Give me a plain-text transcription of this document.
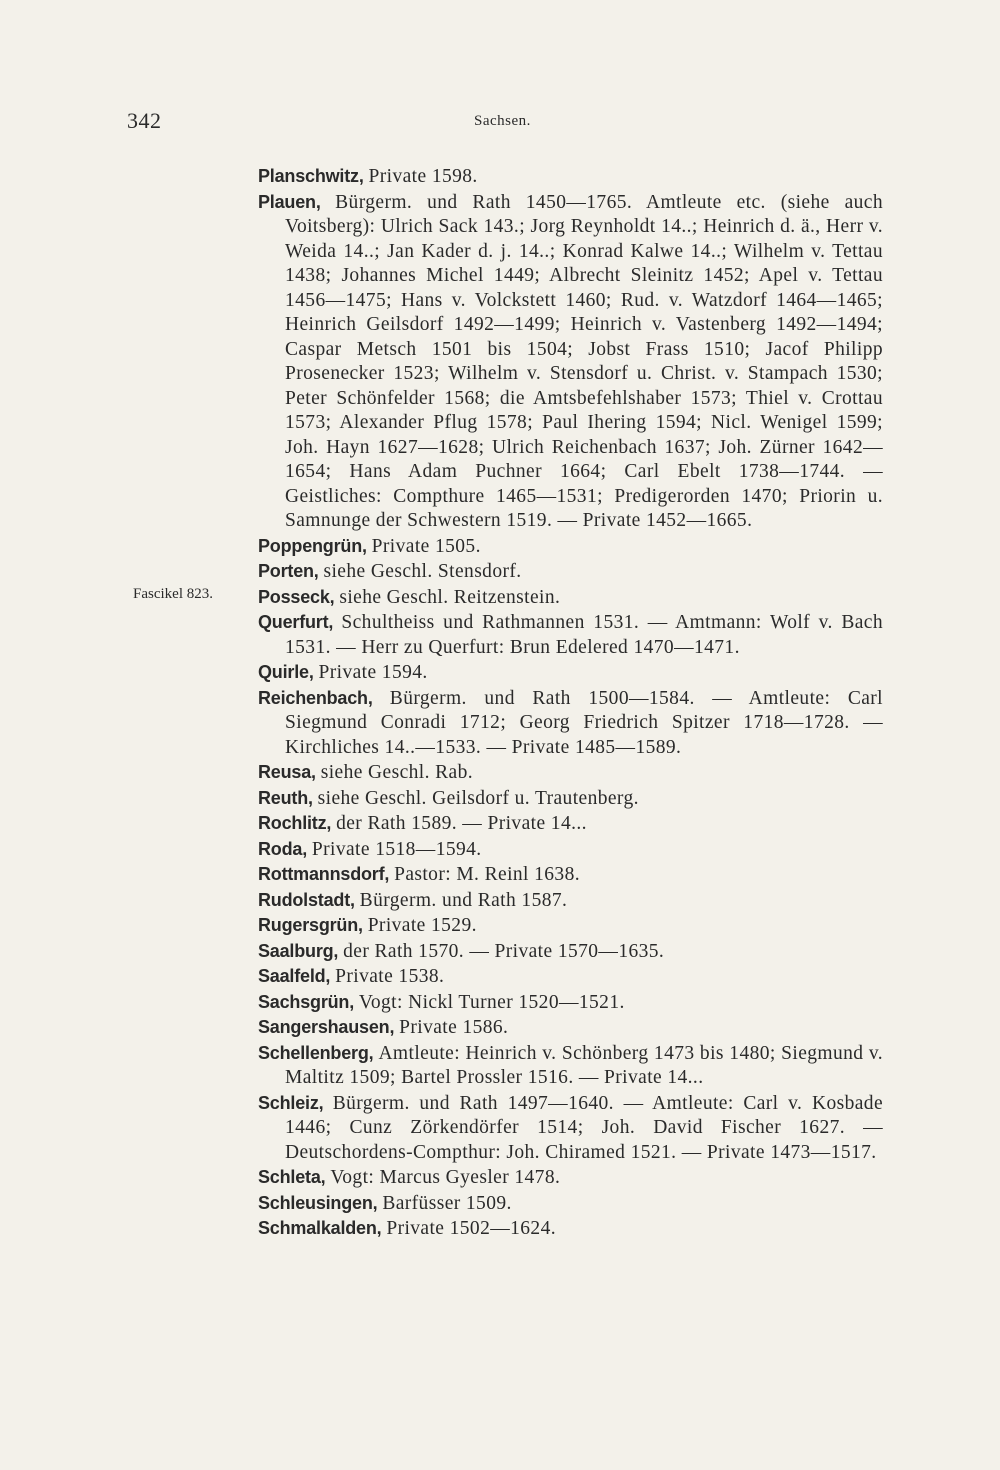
342	Sachsen.
Fascikel 823.
Planschwitz, Private 1598.
Plauen, Bürgerm. und Rath 1450—1765. Amtleute etc. (siehe auch Voitsberg): Ulrich Sack 143.; Jorg Reynholdt 14..; Heinrich d. ä., Herr v. Weida 14..; Jan Kader d. j. 14..; Konrad Kalwe 14..; Wilhelm v. Tettau 1438; Johannes Michel 1449; Albrecht Sleinitz 1452; Apel v. Tettau 1456—1475; Hans v. Volckstett 1460; Rud. v. Watzdorf 1464—1465; Heinrich Geilsdorf 1492—1499; Heinrich v. Vastenberg 1492—1494; Caspar Metsch 1501 bis 1504; Jobst Frass 1510; Jacof Philipp Prosenecker 1523; Wilhelm v. Stensdorf u. Christ. v. Stampach 1530; Peter Schönfelder 1568; die Amtsbefehlshaber 1573; Thiel v. Crottau 1573; Alexander Pflug 1578; Paul Ihering 1594; Nicl. Wenigel 1599; Joh. Hayn 1627—1628; Ulrich Reichenbach 1637; Joh. Zürner 1642—1654; Hans Adam Puchner 1664; Carl Ebelt 1738—1744. — Geistliches: Compthure 1465—1531; Predigerorden 1470; Priorin u. Samnunge der Schwestern 1519. — Private 1452—1665.
Poppengrün, Private 1505.
Porten, siehe Geschl. Stensdorf.
Posseck, siehe Geschl. Reitzenstein.
Querfurt, Schultheiss und Rathmannen 1531. — Amtmann: Wolf v. Bach 1531. — Herr zu Querfurt: Brun Edelered 1470—1471.
Quirle, Private 1594.
Reichenbach, Bürgerm. und Rath 1500—1584. — Amtleute: Carl Siegmund Conradi 1712; Georg Friedrich Spitzer 1718—1728. — Kirchliches 14..—1533. — Private 1485—1589.
Reusa, siehe Geschl. Rab.
Reuth, siehe Geschl. Geilsdorf u. Trautenberg.
Rochlitz, der Rath 1589. — Private 14...
Roda, Private 1518—1594.
Rottmannsdorf, Pastor: M. Reinl 1638.
Rudolstadt, Bürgerm. und Rath 1587.
Rugersgrün, Private 1529.
Saalburg, der Rath 1570. — Private 1570—1635.
Saalfeld, Private 1538.
Sachsgrün, Vogt: Nickl Turner 1520—1521.
Sangershausen, Private 1586.
Schellenberg, Amtleute: Heinrich v. Schönberg 1473 bis 1480; Siegmund v. Maltitz 1509; Bartel Prossler 1516. — Private 14...
Schleiz, Bürgerm. und Rath 1497—1640. — Amtleute: Carl v. Kosbade 1446; Cunz Zörkendörfer 1514; Joh. David Fischer 1627. — Deutschordens-Compthur: Joh. Chiramed 1521. — Private 1473—1517.
Schleta, Vogt: Marcus Gyesler 1478.
Schleusingen, Barfüsser 1509.
Schmalkalden, Private 1502—1624.
